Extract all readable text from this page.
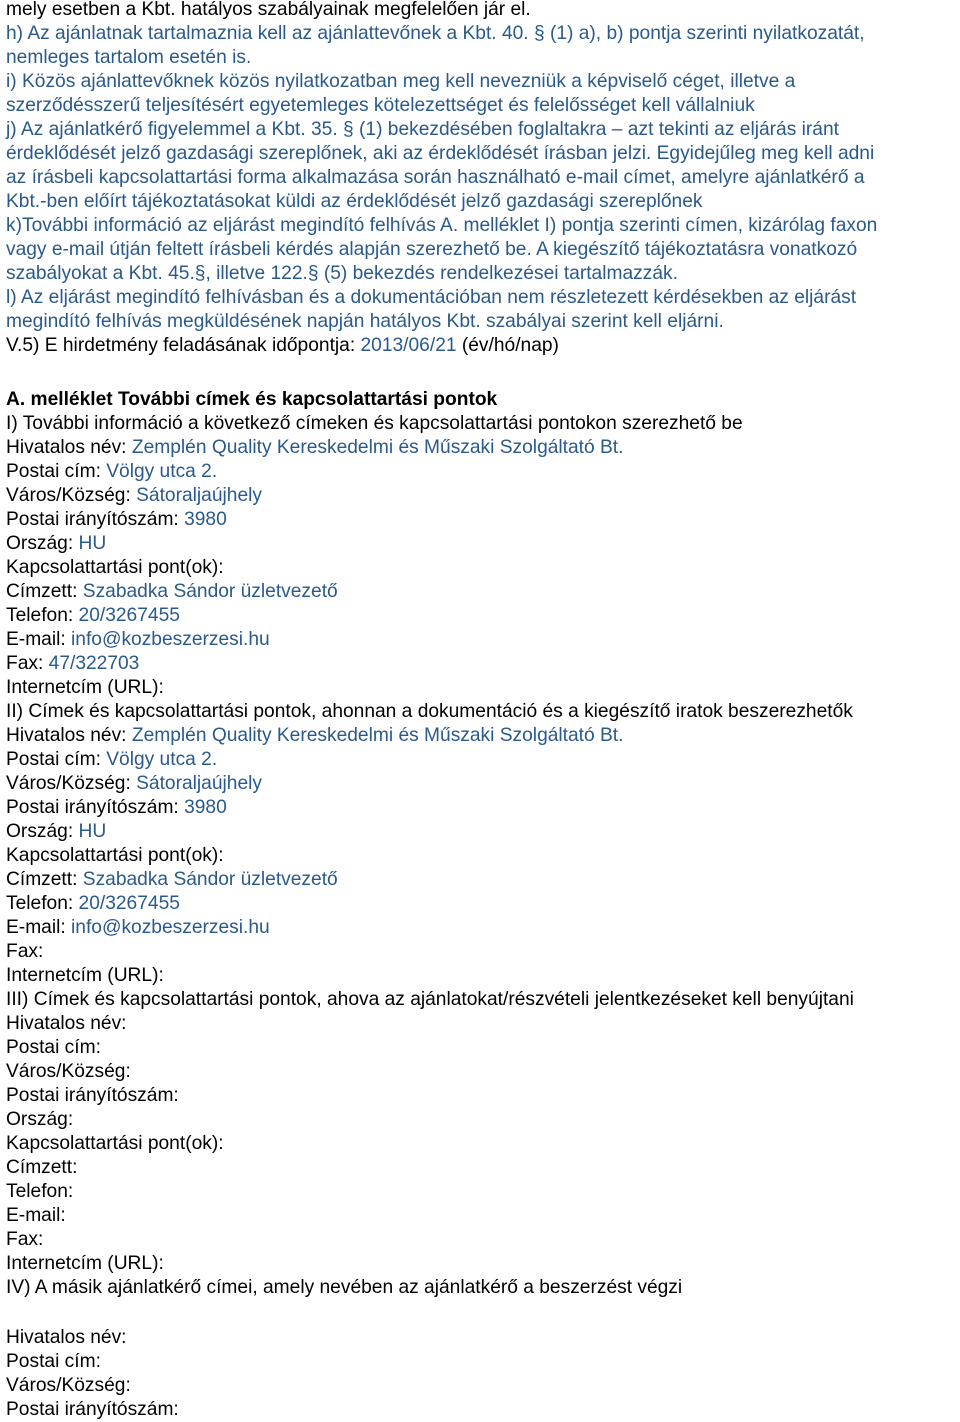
mely esetben a Kbt. hatályos szabályainak megfelelően jár el.
h) Az ajánlatnak tartalmaznia kell az ajánlattevőnek a Kbt. 40. § (1) a), b) pontja szerinti nyilatkozatát,
nemleges tartalom esetén is.
i) Közös ajánlattevőknek közös nyilatkozatban meg kell nevezniük a képviselő céget, illetve a
szerződésszerű teljesítésért egyetemleges kötelezettséget és felelősséget kell vállalniuk
j) Az ajánlatkérő figyelemmel a Kbt. 35. § (1) bekezdésében foglaltakra – azt tekinti az eljárás iránt
érdeklődését jelző gazdasági szereplőnek, aki az érdeklődését írásban jelzi. Egyidejűleg meg kell adni
az írásbeli kapcsolattartási forma alkalmazása során használható e-mail címet, amelyre ajánlatkérő a
Kbt.-ben előírt tájékoztatásokat küldi az érdeklődését jelző gazdasági szereplőnek
k)További információ az eljárást megindító felhívás A. melléklet I) pontja szerinti címen, kizárólag faxon
vagy e-mail útján feltett írásbeli kérdés alapján szerezhető be. A kiegészítő tájékoztatásra vonatkozó
szabályokat a Kbt. 45.§, illetve 122.§ (5) bekezdés rendelkezései tartalmazzák.
l) Az eljárást megindító felhívásban és a dokumentációban nem részletezett kérdésekben az eljárást
megindító felhívás megküldésének napján hatályos Kbt. szabályai szerint kell eljárni.
V.5) E hirdetmény feladásának időpontja: 2013/06/21 (év/hó/nap)
A. melléklet További címek és kapcsolattartási pontok
I) További információ a következő címeken és kapcsolattartási pontokon szerezhető be
Hivatalos név: Zemplén Quality Kereskedelmi és Műszaki Szolgáltató Bt.
Postai cím: Völgy utca 2.
Város/Község: Sátoraljaújhely
Postai irányítószám: 3980
Ország: HU
Kapcsolattartási pont(ok):
Címzett: Szabadka Sándor üzletvezető
Telefon: 20/3267455
E-mail: info@kozbeszerzesi.hu
Fax: 47/322703
Internetcím (URL):
II) Címek és kapcsolattartási pontok, ahonnan a dokumentáció és a kiegészítő iratok beszerezhetők
Hivatalos név: Zemplén Quality Kereskedelmi és Műszaki Szolgáltató Bt.
Postai cím: Völgy utca 2.
Város/Község: Sátoraljaújhely
Postai irányítószám: 3980
Ország: HU
Kapcsolattartási pont(ok):
Címzett: Szabadka Sándor üzletvezető
Telefon: 20/3267455
E-mail: info@kozbeszerzesi.hu
Fax:
Internetcím (URL):
III) Címek és kapcsolattartási pontok, ahova az ajánlatokat/részvételi jelentkezéseket kell benyújtani
Hivatalos név:
Postai cím:
Város/Község:
Postai irányítószám:
Ország:
Kapcsolattartási pont(ok):
Címzett:
Telefon:
E-mail:
Fax:
Internetcím (URL):
IV) A másik ajánlatkérő címei, amely nevében az ajánlatkérő a beszerzést végzi
Hivatalos név:
Postai cím:
Város/Község:
Postai irányítószám:
